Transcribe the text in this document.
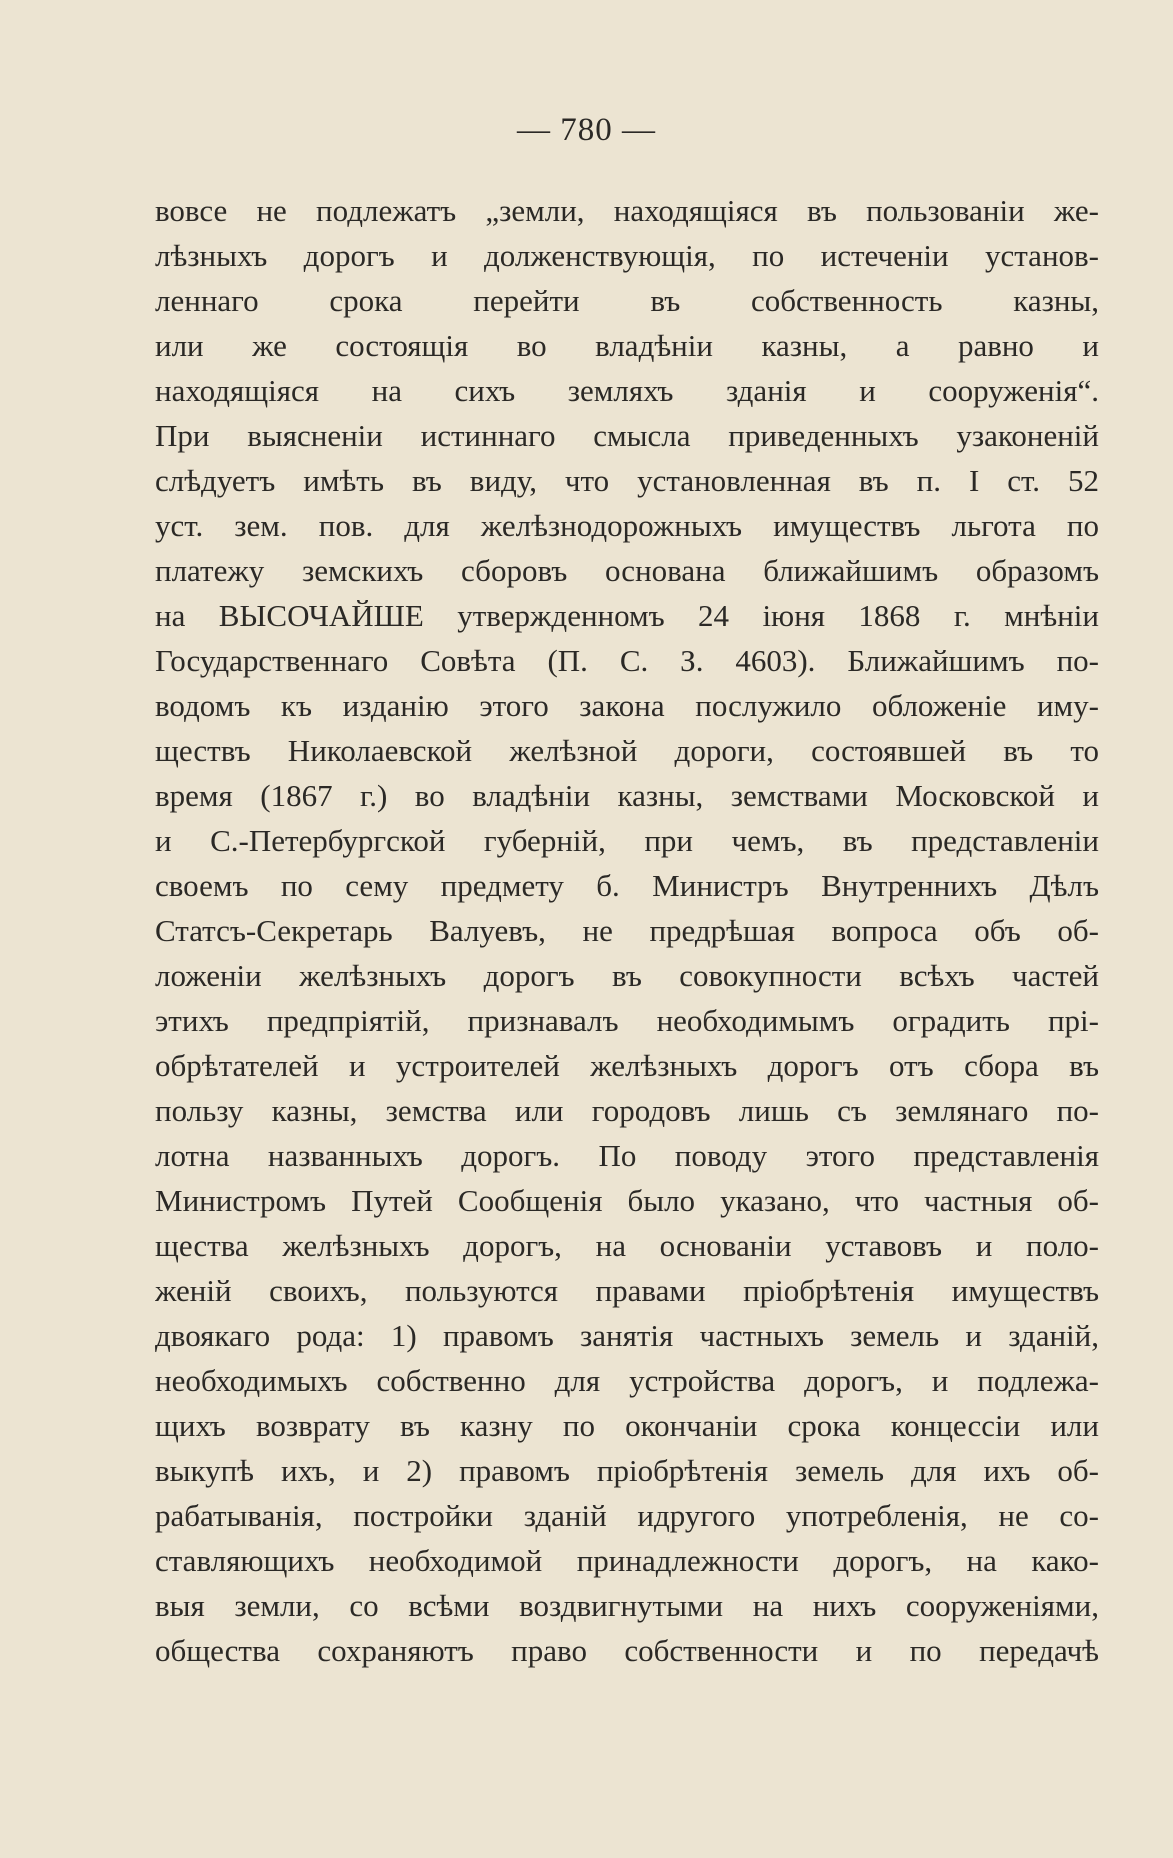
— 780 —
вовсе не подлежатъ „земли, находящіяся въ пользованіи же-
лѣзныхъ дорогъ и долженствующія, по истеченіи установ-
леннаго срока перейти въ собственность казны,
или же состоящія во владѣніи казны, а равно и
находящіяся на сихъ земляхъ зданія и сооруженія“.
При выясненіи истиннаго смысла приведенныхъ узаконеній
слѣдуетъ имѣть въ виду, что установленная въ п. I ст. 52
уст. зем. пов. для желѣзнодорожныхъ имуществъ льгота по
платежу земскихъ сборовъ основана ближайшимъ образомъ
на ВЫСОЧАЙШЕ утвержденномъ 24 іюня 1868 г. мнѣніи
Государственнаго Совѣта (П. С. З. 4603). Ближайшимъ по-
водомъ къ изданію этого закона послужило обложеніе иму-
ществъ Николаевской желѣзной дороги, состоявшей въ то
время (1867 г.) во владѣніи казны, земствами Московской и
и С.-Петербургской губерній, при чемъ, въ представленіи
своемъ по сему предмету б. Министръ Внутреннихъ Дѣлъ
Статсъ-Секретарь Валуевъ, не предрѣшая вопроса объ об-
ложеніи желѣзныхъ дорогъ въ совокупности всѣхъ частей
этихъ предпріятій, признавалъ необходимымъ оградить прі-
обрѣтателей и устроителей желѣзныхъ дорогъ отъ сбора въ
пользу казны, земства или городовъ лишь съ землянаго по-
лотна названныхъ дорогъ. По поводу этого представленія
Министромъ Путей Сообщенія было указано, что частныя об-
щества желѣзныхъ дорогъ, на основаніи уставовъ и поло-
женій своихъ, пользуются правами пріобрѣтенія имуществъ
двоякаго рода: 1) правомъ занятія частныхъ земель и зданій,
необходимыхъ собственно для устройства дорогъ, и подлежа-
щихъ возврату въ казну по окончаніи срока концессіи или
выкупѣ ихъ, и 2) правомъ пріобрѣтенія земель для ихъ об-
рабатыванія, постройки зданій идругого употребленія, не со-
ставляющихъ необходимой принадлежности дорогъ, на како-
выя земли, со всѣми воздвигнутыми на нихъ сооруженіями,
общества сохраняютъ право собственности и по передачѣ
